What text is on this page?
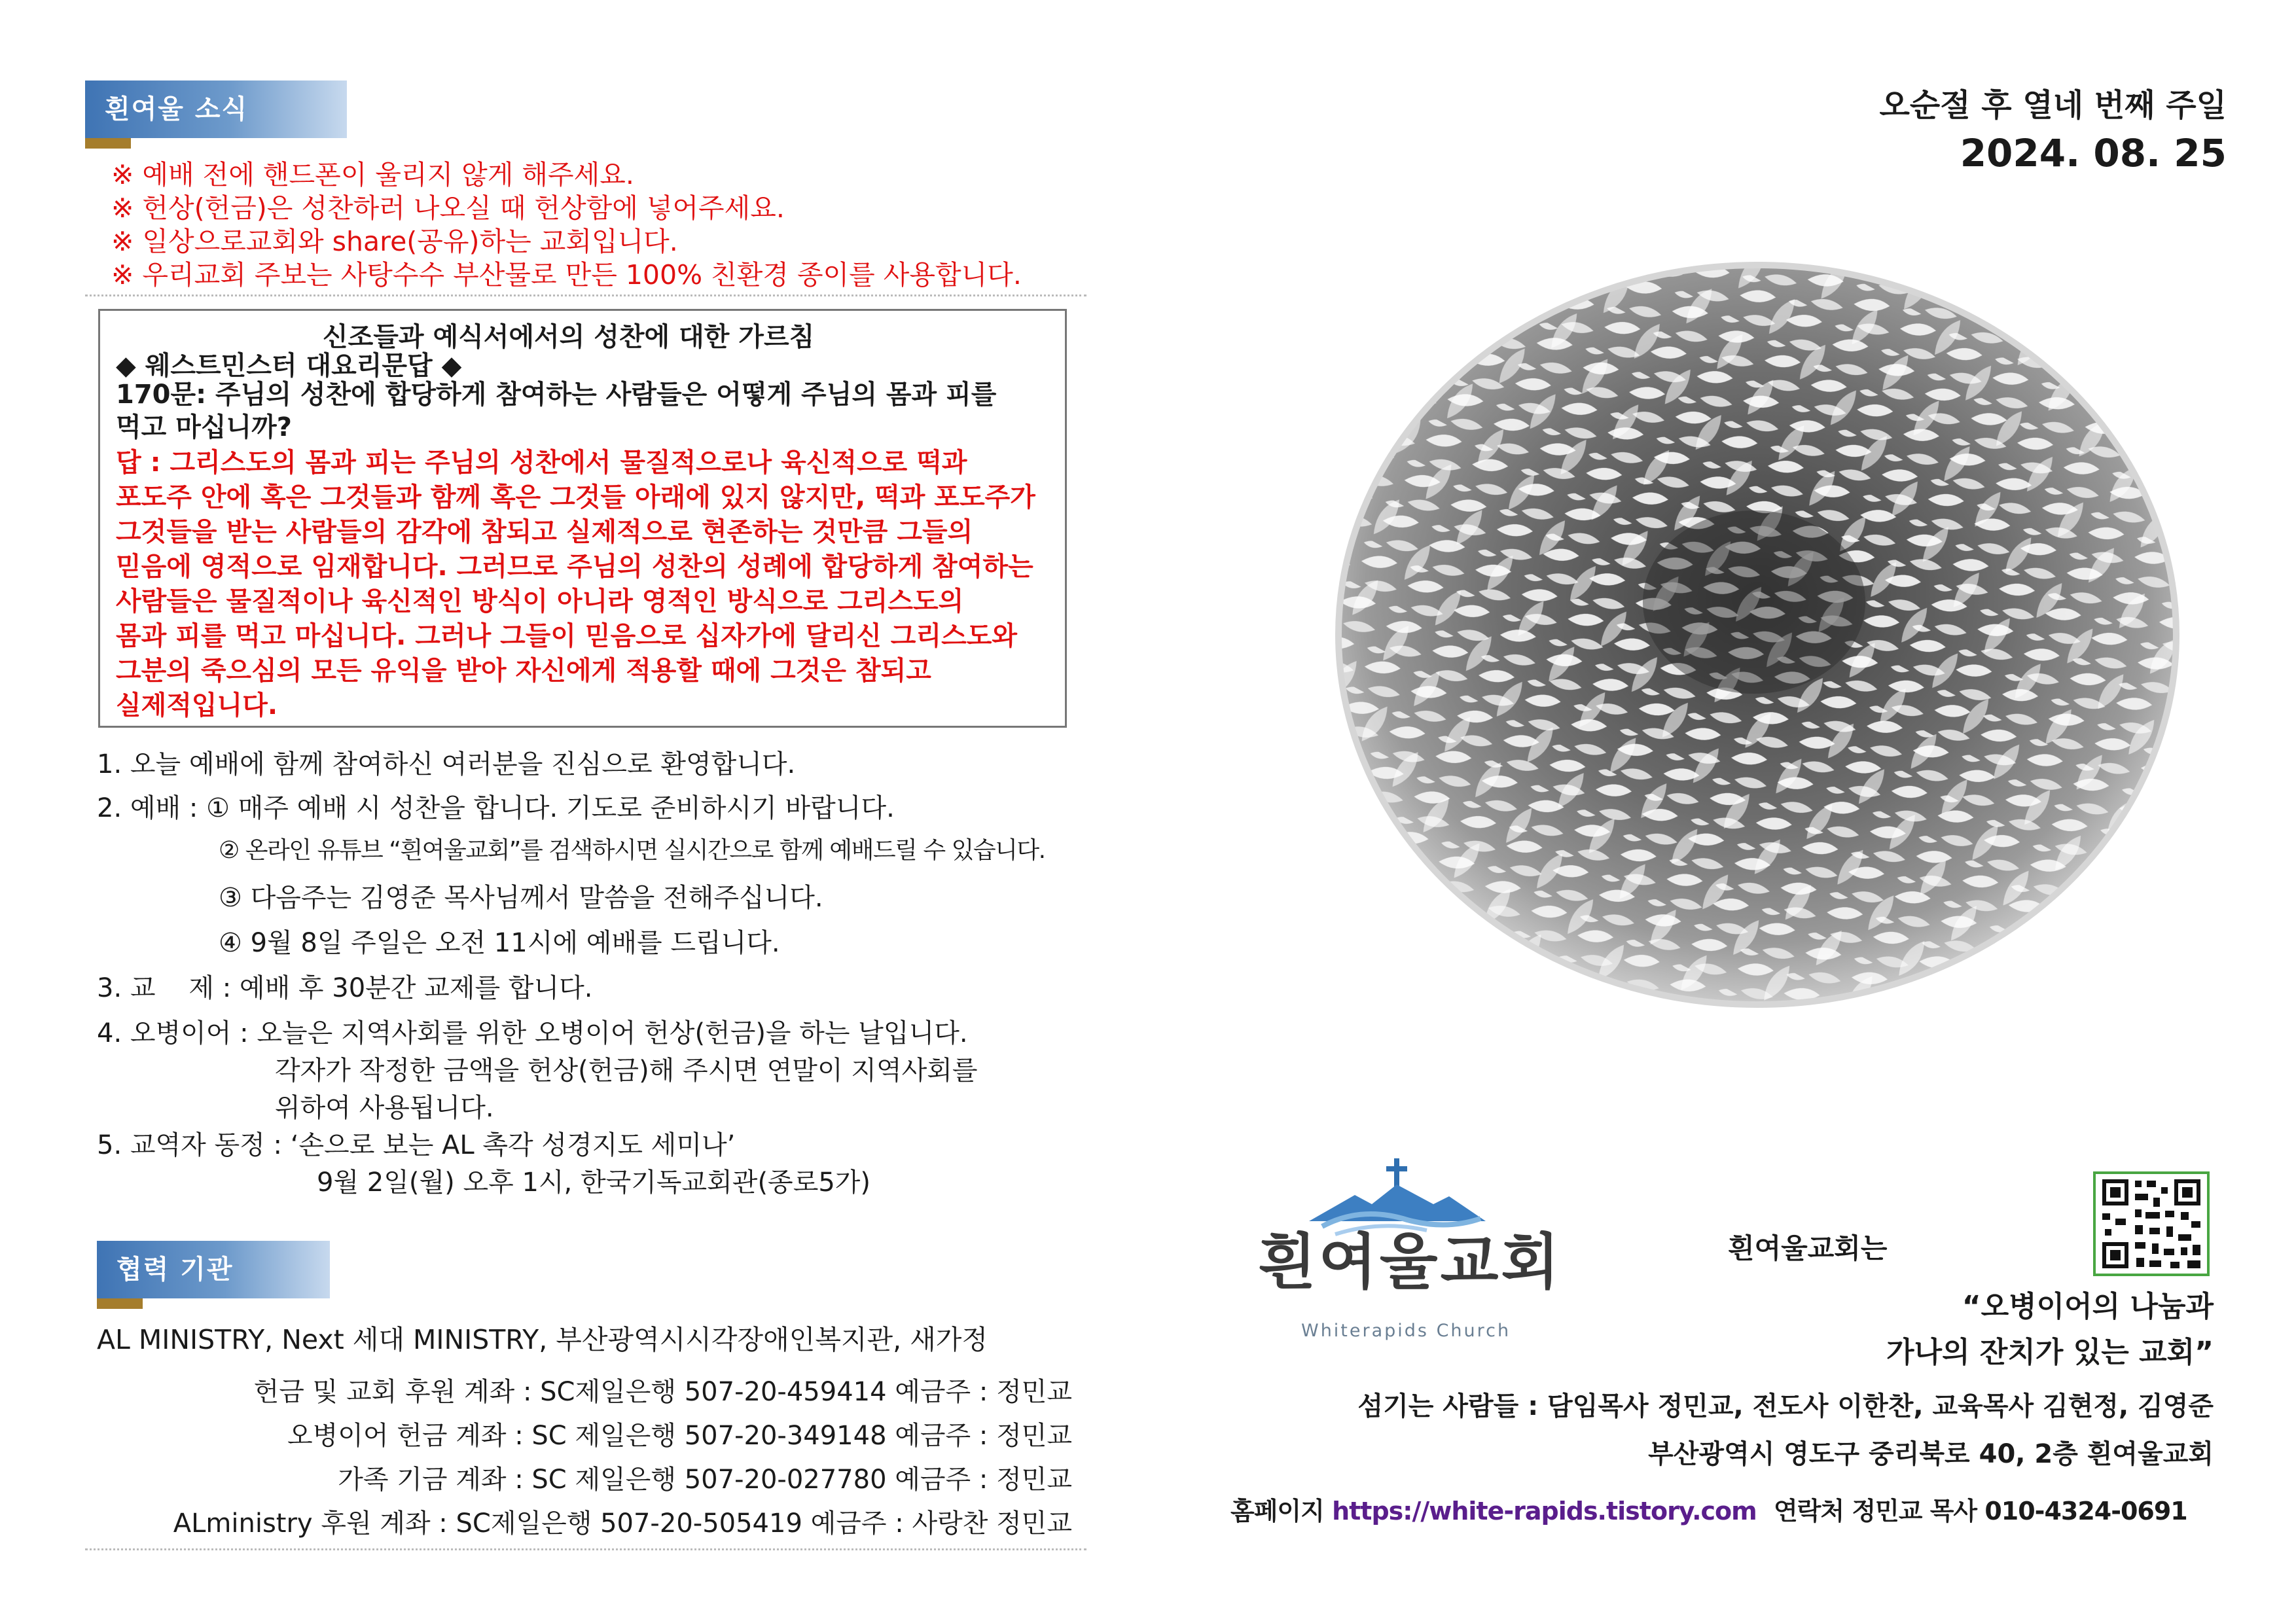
흰여울 소식
※ 예배 전에 핸드폰이 울리지 않게 해주세요.
※ 헌상(헌금)은 성찬하러 나오실 때 헌상함에 넣어주세요.
※ 일상으로교회와 share(공유)하는 교회입니다.
※ 우리교회 주보는 사탕수수 부산물로 만든 100% 친환경 종이를 사용합니다.
신조들과 예식서에서의 성찬에 대한 가르침
◆ 웨스트민스터 대요리문답 ◆
170문: 주님의 성찬에 합당하게 참여하는 사람들은 어떻게 주님의 몸과 피를
먹고 마십니까?
답 : 그리스도의 몸과 피는 주님의 성찬에서 물질적으로나 육신적으로 떡과
포도주 안에 혹은 그것들과 함께 혹은 그것들 아래에 있지 않지만, 떡과 포도주가
그것들을 받는 사람들의 감각에 참되고 실제적으로 현존하는 것만큼 그들의
믿음에 영적으로 임재합니다. 그러므로 주님의 성찬의 성례에 합당하게 참여하는
사람들은 물질적이나 육신적인 방식이 아니라 영적인 방식으로 그리스도의
몸과 피를 먹고 마십니다. 그러나 그들이 믿음으로 십자가에 달리신 그리스도와
그분의 죽으심의 모든 유익을 받아 자신에게 적용할 때에 그것은 참되고
실제적입니다.
1. 오늘 예배에 함께 참여하신 여러분을 진심으로 환영합니다.
2. 예배 : ① 매주 예배 시 성찬을 합니다. 기도로 준비하시기 바랍니다.
② 온라인 유튜브 “흰여울교회”를 검색하시면 실시간으로 함께 예배드릴 수 있습니다.
③ 다음주는 김영준 목사님께서 말씀을 전해주십니다.
④ 9월 8일 주일은 오전 11시에 예배를 드립니다.
3. 교    제 : 예배 후 30분간 교제를 합니다.
4. 오병이어 : 오늘은 지역사회를 위한 오병이어 헌상(헌금)을 하는 날입니다.
각자가 작정한 금액을 헌상(헌금)해 주시면 연말이 지역사회를
위하여 사용됩니다.
5. 교역자 동정 : ‘손으로 보는 AL 촉각 성경지도 세미나’
9월 2일(월) 오후 1시, 한국기독교회관(종로5가)
협력 기관
AL MINISTRY, Next 세대 MINISTRY, 부산광역시시각장애인복지관, 새가정
헌금 및 교회 후원 계좌 : SC제일은행 507-20-459414 예금주 : 정민교
오병이어 헌금 계좌 : SC 제일은행 507-20-349148 예금주 : 정민교
가족 기금 계좌 : SC 제일은행 507-20-027780 예금주 : 정민교
ALministry 후원 계좌 : SC제일은행 507-20-505419 예금주 : 사랑찬 정민교
오순절 후 열네 번째 주일
2024. 08. 25
흰여울교회
Whiterapids Church
흰여울교회는
“오병이어의 나눔과
가나의 잔치가 있는 교회”
섬기는 사람들 : 담임목사 정민교, 전도사 이한찬, 교육목사 김현정, 김영준
부산광역시 영도구 중리북로 40, 2층 흰여울교회
홈페이지 https://white-rapids.tistory.com 연락처 정민교 목사 010-4324-0691
